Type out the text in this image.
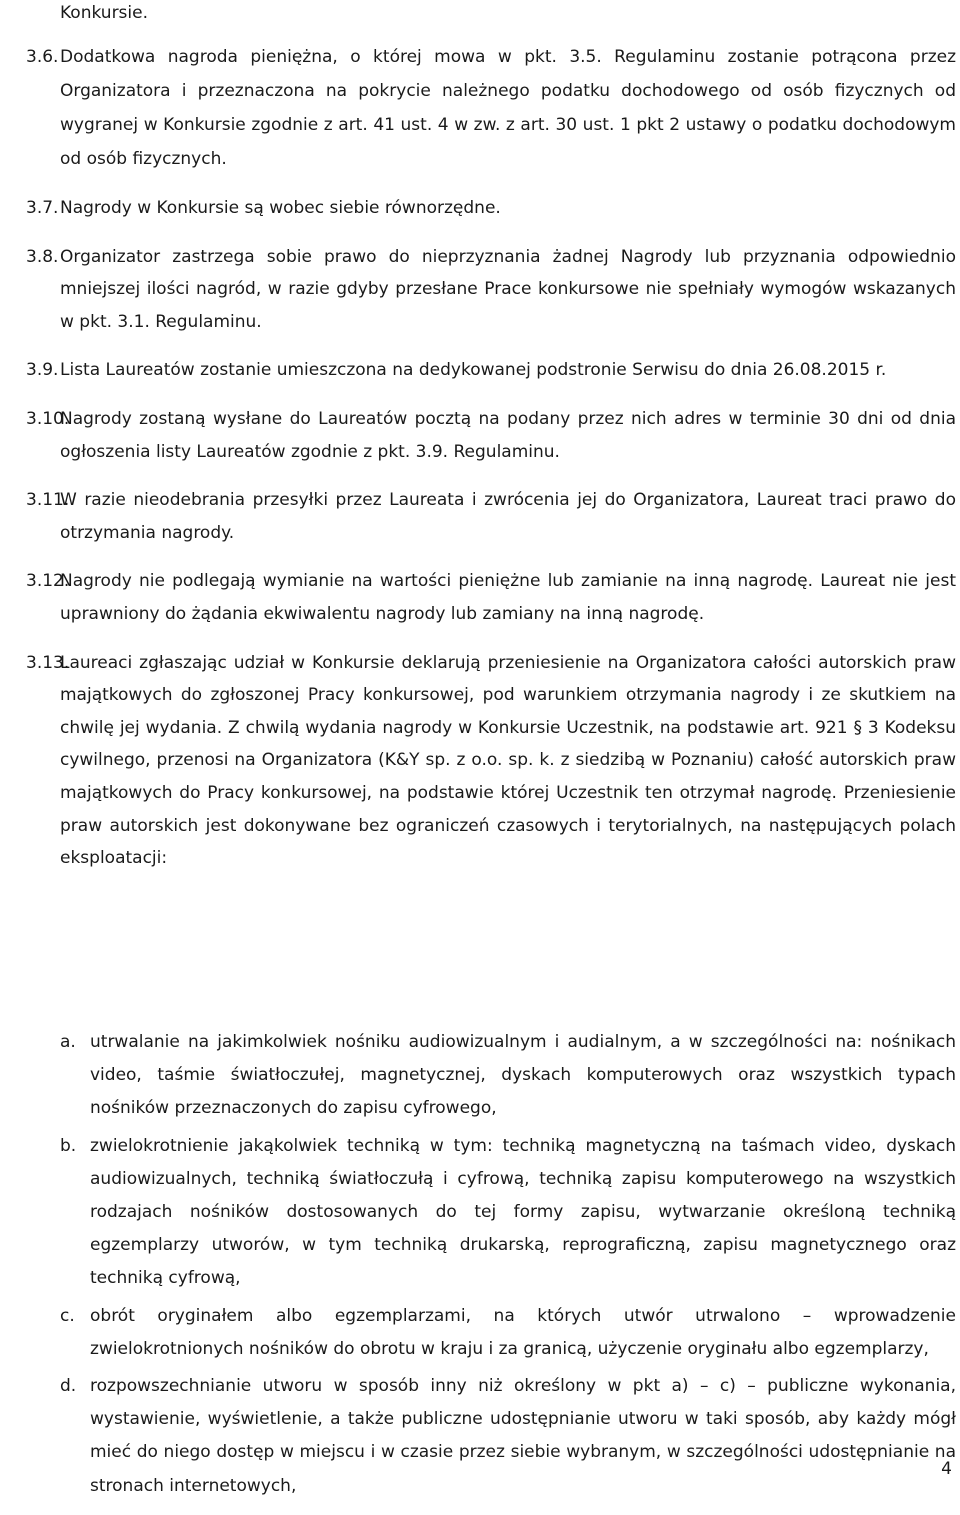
Konkursie.
3.6. Dodatkowa nagroda pieniężna, o której mowa w pkt. 3.5. Regulaminu zostanie potrącona przez Organizatora i przeznaczona na pokrycie należnego podatku dochodowego od osób fizycznych od wygranej w Konkursie zgodnie z art. 41 ust. 4 w zw. z art. 30 ust. 1 pkt 2 ustawy o podatku dochodowym od osób fizycznych.
3.7. Nagrody w Konkursie są wobec siebie równorzędne.
3.8. Organizator zastrzega sobie prawo do nieprzyznania żadnej Nagrody lub przyznania odpowiednio mniejszej ilości nagród, w razie gdyby przesłane Prace konkursowe nie spełniały wymogów wskazanych w pkt. 3.1. Regulaminu.
3.9. Lista Laureatów zostanie umieszczona na dedykowanej podstronie Serwisu do dnia 26.08.2015 r.
3.10.
Nagrody zostaną wysłane do Laureatów pocztą na podany przez nich adres w terminie 30 dni od dnia ogłoszenia listy Laureatów zgodnie z pkt. 3.9. Regulaminu.
3.11.
W razie nieodebrania przesyłki przez Laureata i zwrócenia jej do Organizatora, Laureat traci prawo do otrzymania nagrody.
3.12.
Nagrody nie podlegają wymianie na wartości pieniężne lub zamianie na inną nagrodę. Laureat nie jest uprawniony do żądania ekwiwalentu nagrody lub zamiany na inną nagrodę.
3.13.
Laureaci zgłaszając udział w Konkursie deklarują przeniesienie na Organizatora całości autorskich praw majątkowych do zgłoszonej Pracy konkursowej, pod warunkiem otrzymania nagrody i ze skutkiem na chwilę jej wydania. Z chwilą wydania nagrody w Konkursie Uczestnik, na podstawie art. 921 § 3 Kodeksu cywilnego, przenosi na Organizatora (K&Y sp. z o.o. sp. k. z siedzibą w Poznaniu) całość autorskich praw majątkowych do Pracy konkursowej, na podstawie której Uczestnik ten otrzymał nagrodę. Przeniesienie praw autorskich jest dokonywane bez ograniczeń czasowych i terytorialnych, na następujących polach eksploatacji:
a. utrwalanie na jakimkolwiek nośniku audiowizualnym i audialnym, a w szczególności na: nośnikach video, taśmie światłoczułej, magnetycznej, dyskach komputerowych oraz wszystkich typach nośników przeznaczonych do zapisu cyfrowego,
b. zwielokrotnienie jakąkolwiek techniką w tym: techniką magnetyczną na taśmach video, dyskach audiowizualnych, techniką światłoczułą i cyfrową, techniką zapisu komputerowego na wszystkich rodzajach nośników dostosowanych do tej formy zapisu, wytwarzanie określoną techniką egzemplarzy utworów, w tym techniką drukarską, reprograficzną, zapisu magnetycznego oraz techniką cyfrową,
c. obrót oryginałem albo egzemplarzami, na których utwór utrwalono – wprowadzenie zwielokrotnionych nośników do obrotu w kraju i za granicą, użyczenie oryginału albo egzemplarzy,
d. rozpowszechnianie utworu w sposób inny niż określony w pkt a) – c) – publiczne wykonania, wystawienie, wyświetlenie, a także publiczne udostępnianie utworu w taki sposób, aby każdy mógł mieć do niego dostęp w miejscu i w czasie przez siebie wybranym, w szczególności udostępnianie na stronach internetowych,
4
